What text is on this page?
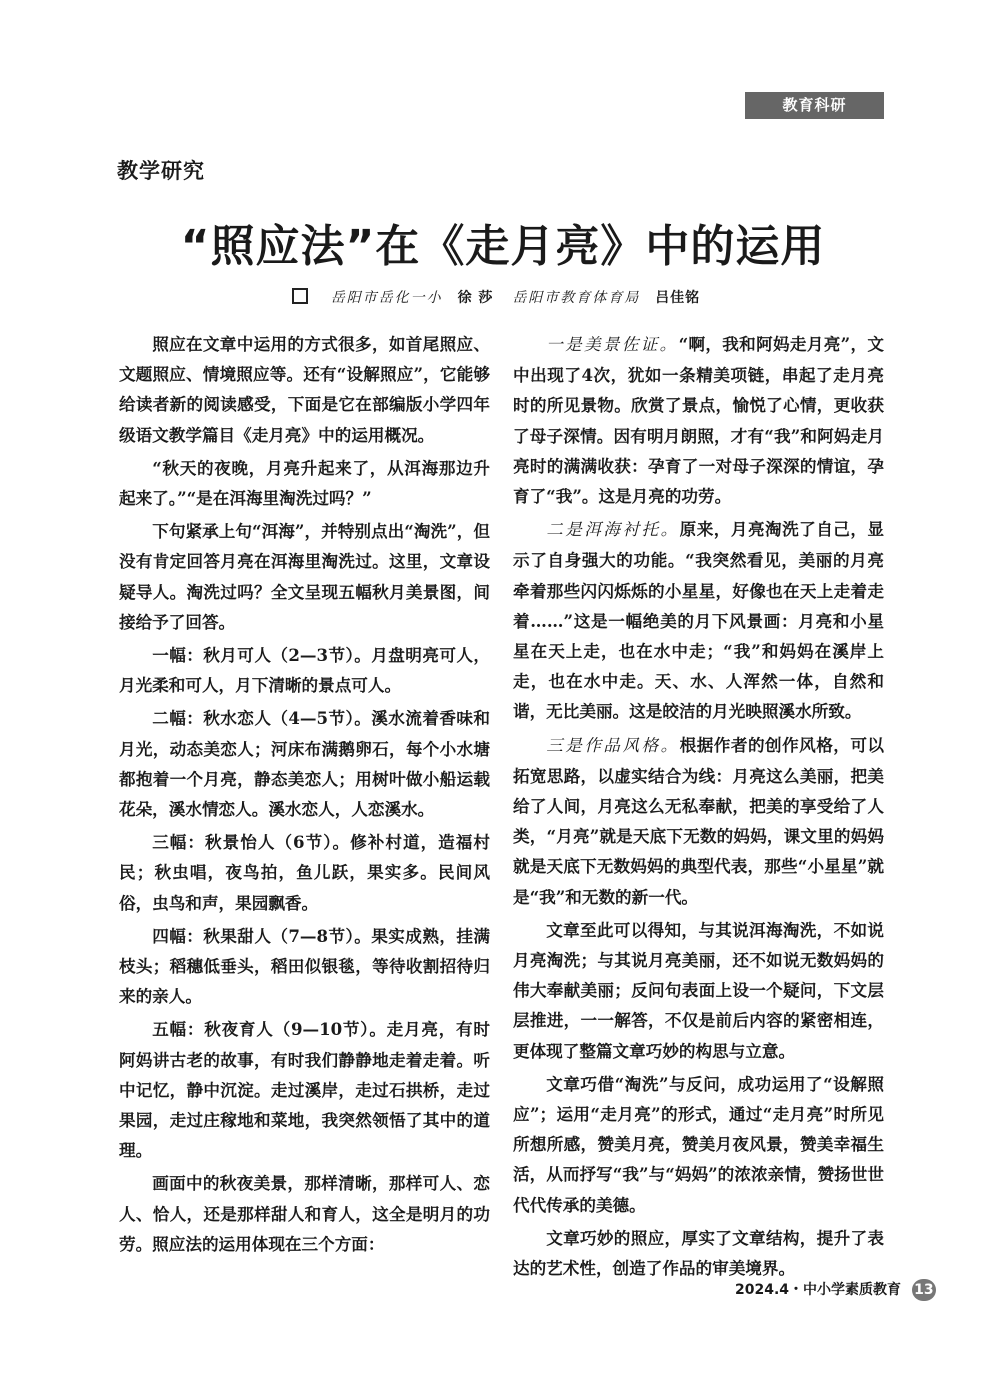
教育科研
教学研究
“照应法”在《走月亮》中的运用
岳阳市岳化一小 徐 莎 岳阳市教育体育局 吕佳铭

照应在文章中运用的方式很多，如首尾照应、文题照应、情境照应等。还有“设解照应”，它能够给读者新的阅读感受，下面是它在部编版小学四年级语文教学篇目《走月亮》中的运用概况。

“秋天的夜晚，月亮升起来了，从洱海那边升起来了。”“是在洱海里淘洗过吗？”

下句紧承上句“洱海”，并特别点出“淘洗”，但没有肯定回答月亮在洱海里淘洗过。这里，文章设疑导人。淘洗过吗？全文呈现五幅秋月美景图，间接给予了回答。

一幅：秋月可人（2—3节）。月盘明亮可人，月光柔和可人，月下清晰的景点可人。

二幅：秋水恋人（4—5节）。溪水流着香味和月光，动态美恋人；河床布满鹅卵石，每个小水塘都抱着一个月亮，静态美恋人；用树叶做小船运载花朵，溪水情恋人。溪水恋人，人恋溪水。

三幅：秋景怡人（6节）。修补村道，造福村民；秋虫唱，夜鸟拍，鱼儿跃，果实多。民间风俗，虫鸟和声，果园飘香。

四幅：秋果甜人（7—8节）。果实成熟，挂满枝头；稻穗低垂头，稻田似银毯，等待收割招待归来的亲人。

五幅：秋夜育人（9—10节）。走月亮，有时阿妈讲古老的故事，有时我们静静地走着走着。听中记忆，静中沉淀。走过溪岸，走过石拱桥，走过果园，走过庄稼地和菜地，我突然领悟了其中的道理。

画面中的秋夜美景，那样清晰，那样可人、恋人、恰人，还是那样甜人和育人，这全是明月的功劳。照应法的运用体现在三个方面：

一是美景佐证。“啊，我和阿妈走月亮”，文中出现了4次，犹如一条精美项链，串起了走月亮时的所见景物。欣赏了景点，愉悦了心情，更收获了母子深情。因有明月朗照，才有“我”和阿妈走月亮时的满满收获：孕育了一对母子深深的情谊，孕育了“我”。这是月亮的功劳。

二是洱海衬托。原来，月亮淘洗了自己，显示了自身强大的功能。“我突然看见，美丽的月亮牵着那些闪闪烁烁的小星星，好像也在天上走着走着……”这是一幅绝美的月下风景画：月亮和小星星在天上走，也在水中走；“我”和妈妈在溪岸上走，也在水中走。天、水、人浑然一体，自然和谐，无比美丽。这是皎洁的月光映照溪水所致。

三是作品风格。根据作者的创作风格，可以拓宽思路，以虚实结合为线：月亮这么美丽，把美给了人间，月亮这么无私奉献，把美的享受给了人类，“月亮”就是天底下无数的妈妈，课文里的妈妈就是天底下无数妈妈的典型代表，那些“小星星”就是“我”和无数的新一代。

文章至此可以得知，与其说洱海淘洗，不如说月亮淘洗；与其说月亮美丽，还不如说无数妈妈的伟大奉献美丽；反问句表面上设一个疑问，下文层层推进，一一解答，不仅是前后内容的紧密相连，更体现了整篇文章巧妙的构思与立意。

文章巧借“淘洗”与反问，成功运用了“设解照应”；运用“走月亮”的形式，通过“走月亮”时所见所想所感，赞美月亮，赞美月夜风景，赞美幸福生活，从而抒写“我”与“妈妈”的浓浓亲情，赞扬世世代代传承的美德。

文章巧妙的照应，厚实了文章结构，提升了表达的艺术性，创造了作品的审美境界。

2024.4・中小学素质教育 13
